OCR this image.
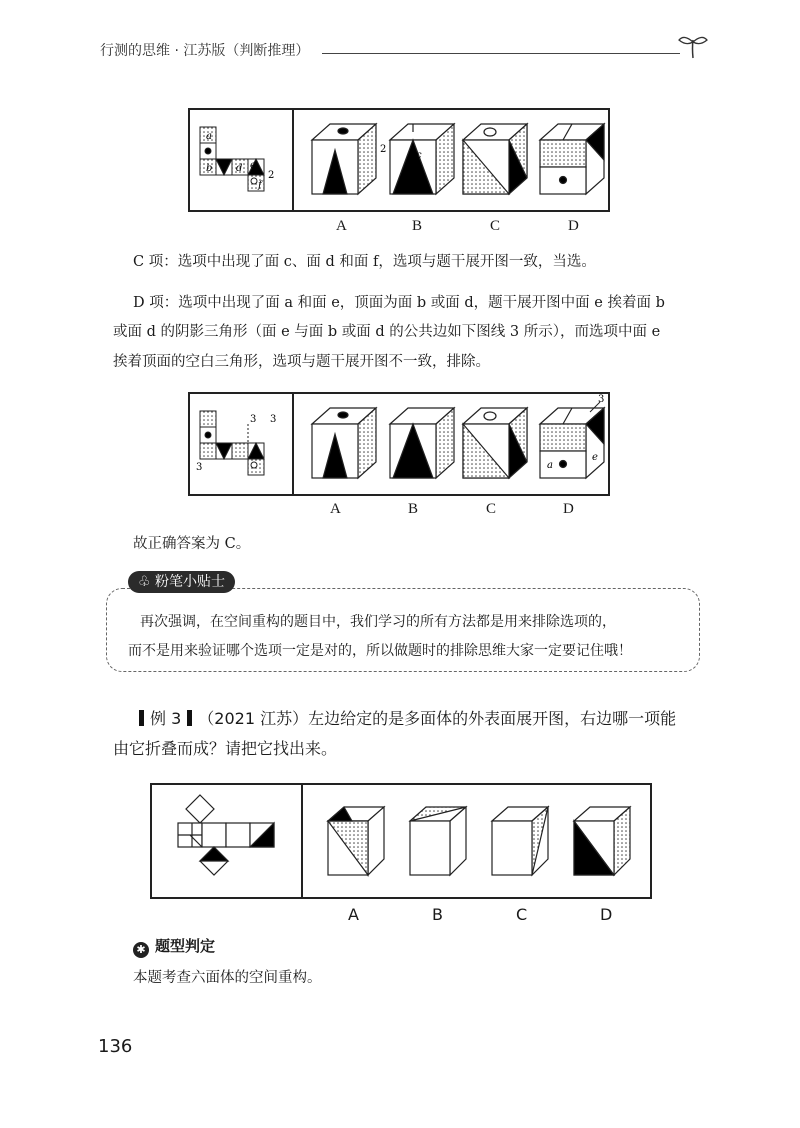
行测的思维 · 江苏版（判断推理）
a
b d e
f
2
2
c
A	B	C	D
C 项：选项中出现了面 c、面 d 和面 f，选项与题干展开图一致，当选。
D 项：选项中出现了面 a 和面 e，顶面为面 b 或面 d，题干展开图中面 e 挨着面 b
或面 d 的阴影三角形（面 e 与面 b 或面 d 的公共边如下图线 3 所示），而选项中面 e
挨着顶面的空白三角形，选项与题干展开图不一致，排除。
3 3
3
3
a
e
A	B	C	D
故正确答案为 C。
♧ 粉笔小贴士
再次强调，在空间重构的题目中，我们学习的所有方法都是用来排除选项的，
而不是用来验证哪个选项一定是对的，所以做题时的排除思维大家一定要记住哦！
例 3 （2021 江苏）左边给定的是多面体的外表面展开图，右边哪一项能
由它折叠而成？请把它找出来。
A	B	C	D
✱ 题型判定
本题考查六面体的空间重构。
136
